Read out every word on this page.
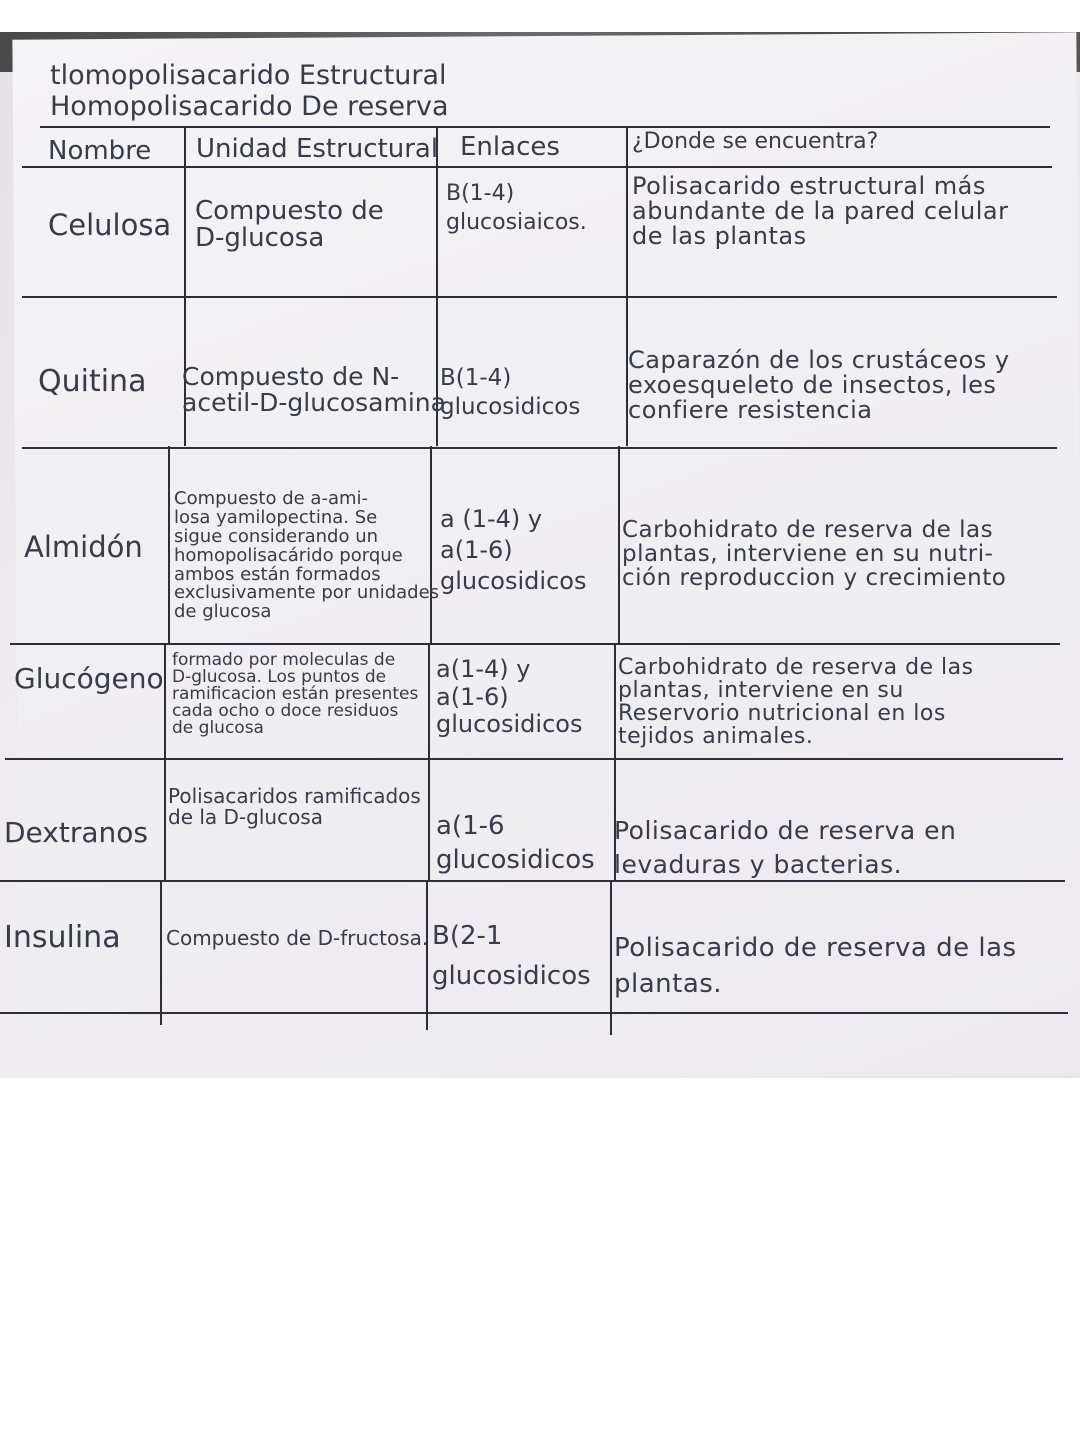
tlomopolisacarido Estructural
Homopolisacarido De reserva
Nombre Unidad Estructural Enlaces	¿Donde se encuentra?
Celulosa Compuesto de
D-glucosa
B(1-4)
glucosiaicos.
Polisacarido estructural más
abundante de la pared celular
de las plantas
Quitina Compuesto de N-
acetil-D-glucosamina
B(1-4)
glucosidicos
Caparazón de los crustáceos y
exoesqueleto de insectos, les
confiere resistencia
Almidón
Compuesto de a-ami-
losa yamilopectina. Se
sigue considerando un
homopolisacárido porque
ambos están formados
exclusivamente por unidades
de glucosa
a (1-4) y
a(1-6)
glucosidicos
Carbohidrato de reserva de las
plantas, interviene en su nutri-
ción reproduccion y crecimiento
Glucógeno
formado por moleculas de
D-glucosa. Los puntos de
ramificacion están presentes
cada ocho o doce residuos
de glucosa
a(1-4) y
a(1-6)
glucosidicos
Carbohidrato de reserva de las
plantas, interviene en su
Reservorio nutricional en los
tejidos animales.
Dextranos
Polisacaridos ramificados
de la D-glucosa	a(1-6
glucosidicos
Polisacarido de reserva en
levaduras y bacterias.
Insulina Compuesto de D-fructosa. B(2-1
glucosidicos
Polisacarido de reserva de las
plantas.
